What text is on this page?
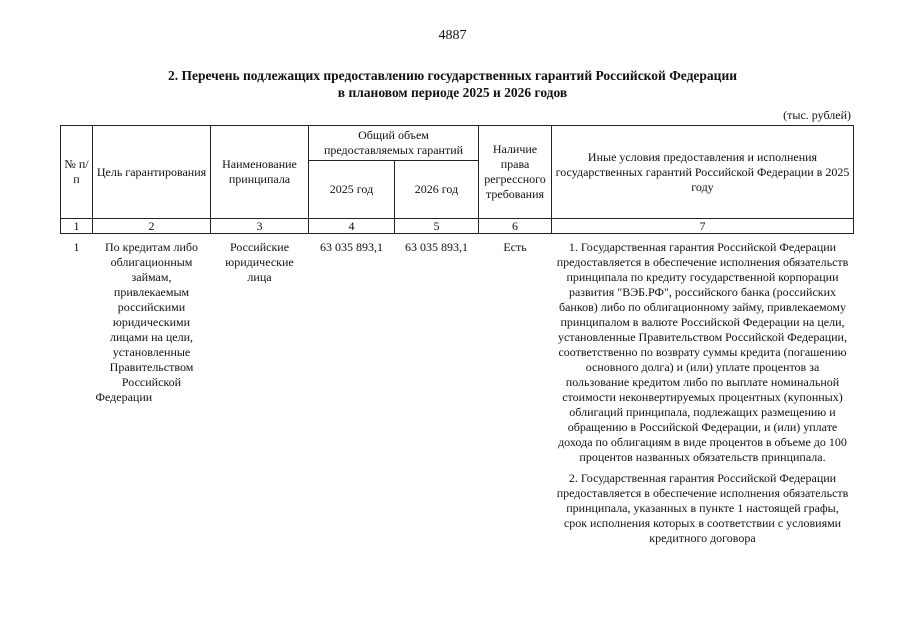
4887
2. Перечень подлежащих предоставлению государственных гарантий Российской Федерации
в плановом периоде 2025 и 2026 годов
(тыс. рублей)
№ п/п	Цель гарантирования	Наименование принципала	Общий объем предоставляемых гарантий		Наличие права регрессного требования	Иные условия предоставления и исполнения государственных гарантий Российской Федерации в 2025 году
			2025 год	2026 год		
1	2	3	4	5	6	7
1	По кредитам либо облигационным займам, привлекаемым российскими юридическими лицами на цели, установленные Правительством Российской Федерации	Российские юридические лица	63 035 893,1	63 035 893,1	Есть	1. Государственная гарантия Российской Федерации предоставляется в обеспечение исполнения обязательств принципала по кредиту государственной корпорации развития "ВЭБ.РФ", российского банка (российских банков) либо по облигационному займу, привлекаемому принципалом в валюте Российской Федерации на цели, установленные Правительством Российской Федерации, соответственно по возврату суммы кредита (погашению основного долга) и (или) уплате процентов за пользование кредитом либо по выплате номинальной стоимости неконвертируемых процентных (купонных) облигаций принципала, подлежащих размещению и обращению в Российской Федерации, и (или) уплате дохода по облигациям в виде процентов в объеме до 100 процентов названных обязательств принципала.

2. Государственная гарантия Российской Федерации предоставляется в обеспечение исполнения обязательств принципала, указанных в пункте 1 настоящей графы, срок исполнения которых в соответствии с условиями кредитного договора
